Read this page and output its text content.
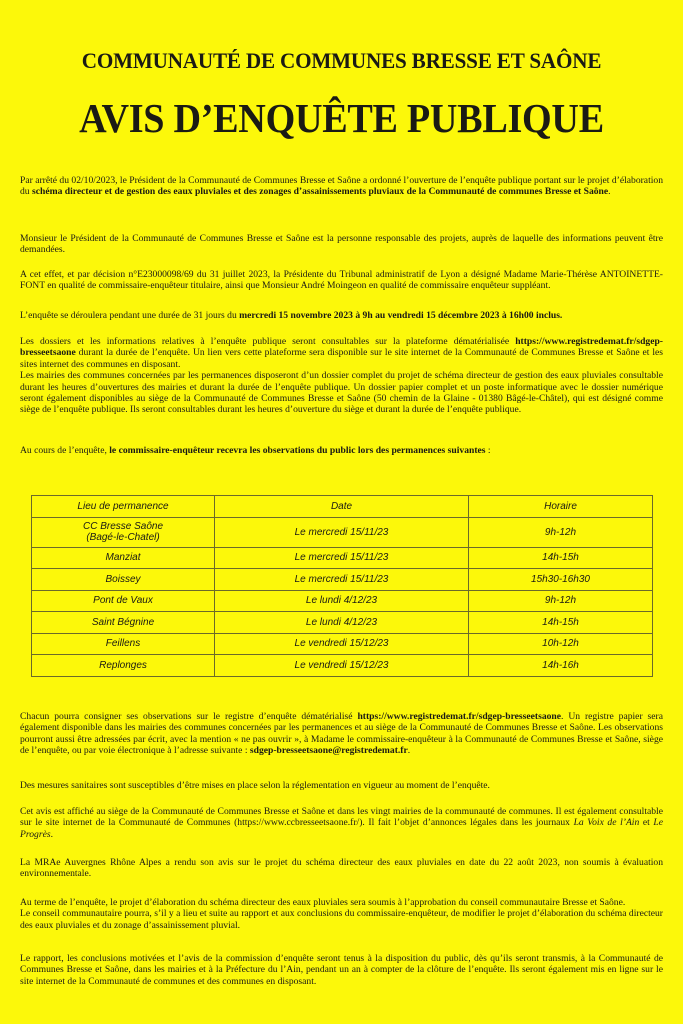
COMMUNAUTÉ DE COMMUNES BRESSE ET SAÔNE
AVIS D’ENQUÊTE PUBLIQUE

Par arrêté du 02/10/2023, le Président de la Communauté de Communes Bresse et Saône a ordonné l’ouverture de l’enquête publique portant sur le projet d’élaboration du schéma directeur et de gestion des eaux pluviales et des zonages d’assainissements pluviaux de la Communauté de communes Bresse et Saône.

Monsieur le Président de la Communauté de Communes Bresse et Saône est la personne responsable des projets, auprès de laquelle des informations peuvent être demandées.

A cet effet, et par décision n°E23000098/69 du 31 juillet 2023, la Présidente du Tribunal administratif de Lyon a désigné Madame Marie-Thérèse ANTOINETTE-FONT en qualité de commissaire-enquêteur titulaire, ainsi que Monsieur André Moingeon en qualité de commissaire enquêteur suppléant.

L’enquête se déroulera pendant une durée de 31 jours du mercredi 15 novembre 2023 à 9h au vendredi 15 décembre 2023 à 16h00 inclus.

Les dossiers et les informations relatives à l’enquête publique seront consultables sur la plateforme dématérialisée https://www.registredemat.fr/sdgep-bresseetsaone durant la durée de l’enquête. Un lien vers cette plateforme sera disponible sur le site internet de la Communauté de Communes Bresse et Saône et les sites internet des communes en disposant.

Les mairies des communes concernées par les permanences disposeront d’un dossier complet du projet de schéma directeur de gestion des eaux pluviales consultable durant les heures d’ouvertures des mairies et durant la durée de l’enquête publique. Un dossier papier complet et un poste informatique avec le dossier numérique seront également disponibles au siège de la Communauté de Communes Bresse et Saône (50 chemin de la Glaine - 01380 Bâgé-le-Châtel), qui est désigné comme siège de l’enquête publique. Ils seront consultables durant les heures d’ouverture du siège et durant la durée de l’enquête publique.

Au cours de l’enquête, le commissaire-enquêteur recevra les observations du public lors des permanences suivantes :

Lieu de permanence	Date	Horaire
CC Bresse Saône
(Bagé-le-Chatel)	Le mercredi 15/11/23	9h-12h
Manziat	Le mercredi 15/11/23	14h-15h
Boissey	Le mercredi 15/11/23	15h30-16h30
Pont de Vaux	Le lundi 4/12/23	9h-12h
Saint Bégnine	Le lundi 4/12/23	14h-15h
Feillens	Le vendredi 15/12/23	10h-12h
Replonges	Le vendredi 15/12/23	14h-16h

Chacun pourra consigner ses observations sur le registre d’enquête dématérialisé https://www.registredemat.fr/sdgep-bresseetsaone. Un registre papier sera également disponible dans les mairies des communes concernées par les permanences et au siège de la Communauté de Communes Bresse et Saône. Les observations pourront aussi être adressées par écrit, avec la mention « ne pas ouvrir », à Madame le commissaire-enquêteur à la Communauté de Communes Bresse et Saône, siège de l’enquête, ou par voie électronique à l’adresse suivante : sdgep-bresseetsaone@registredemat.fr.

Des mesures sanitaires sont susceptibles d’être mises en place selon la réglementation en vigueur au moment de l’enquête.

Cet avis est affiché au siège de la Communauté de Communes Bresse et Saône et dans les vingt mairies de la communauté de communes. Il est également consultable sur le site internet de la Communauté de Communes (https://www.ccbresseetsaone.fr/). Il fait l’objet d’annonces légales dans les journaux La Voix de l’Ain et Le Progrès.

La MRAe Auvergnes Rhône Alpes a rendu son avis sur le projet du schéma directeur des eaux pluviales en date du 22 août 2023, non soumis à évaluation environnementale.

Au terme de l’enquête, le projet d’élaboration du schéma directeur des eaux pluviales sera soumis à l’approbation du conseil communautaire Bresse et Saône.

Le conseil communautaire pourra, s’il y a lieu et suite au rapport et aux conclusions du commissaire-enquêteur, de modifier le projet d’élaboration du schéma directeur des eaux pluviales et du zonage d’assainissement pluvial.

Le rapport, les conclusions motivées et l’avis de la commission d’enquête seront tenus à la disposition du public, dès qu’ils seront transmis, à la Communauté de Communes Bresse et Saône, dans les mairies et à la Préfecture du l’Ain, pendant un an à compter de la clôture de l’enquête. Ils seront également mis en ligne sur le site internet de la Communauté de communes et des communes en disposant.
